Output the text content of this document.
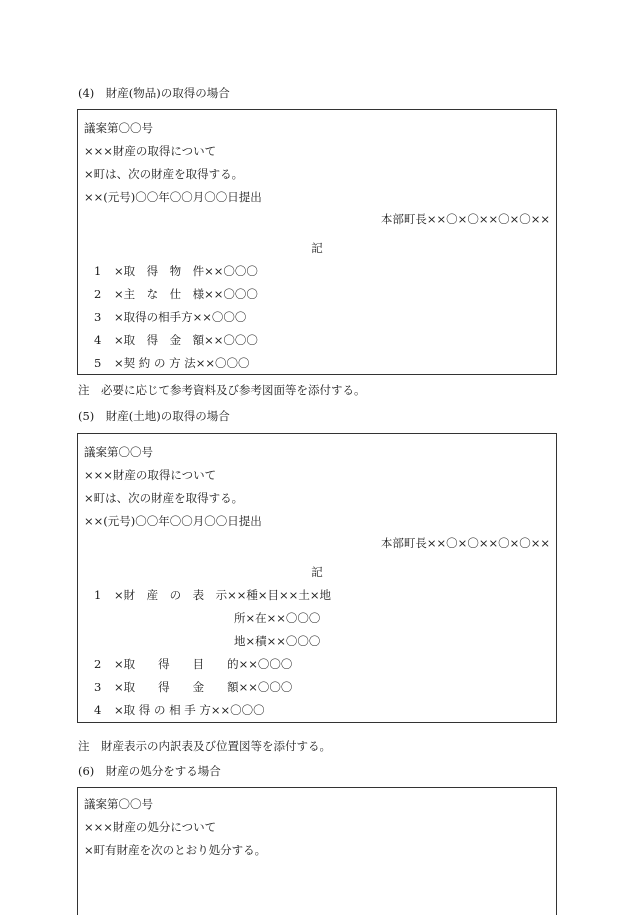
(4)　財産(物品)の取得の場合
議案第〇〇号
×××財産の取得について
×町は、次の財産を取得する。
××(元号)〇〇年〇〇月〇〇日提出
本部町長××〇×〇××〇×〇××
記
1 ×取　得　物　件××〇〇〇
2 ×主　な　仕　様××〇〇〇
3 ×取得の相手方××〇〇〇
4 ×取　得　金　額××〇〇〇
5 ×契 約 の 方 法××〇〇〇
注　必要に応じて参考資料及び参考図面等を添付する。
(5)　財産(土地)の取得の場合
議案第〇〇号
×××財産の取得について
×町は、次の財産を取得する。
××(元号)〇〇年〇〇月〇〇日提出
本部町長××〇×〇××〇×〇××
記
1 ×財　産　の　表　示××種×目××土×地
所×在××〇〇〇
地×積××〇〇〇
2 ×取　　得　　目　　的××〇〇〇
3 ×取　　得　　金　　額××〇〇〇
4 ×取 得 の 相 手 方××〇〇〇
注　財産表示の内訳表及び位置図等を添付する。
(6)　財産の処分をする場合
議案第〇〇号
×××財産の処分について
×町有財産を次のとおり処分する。
